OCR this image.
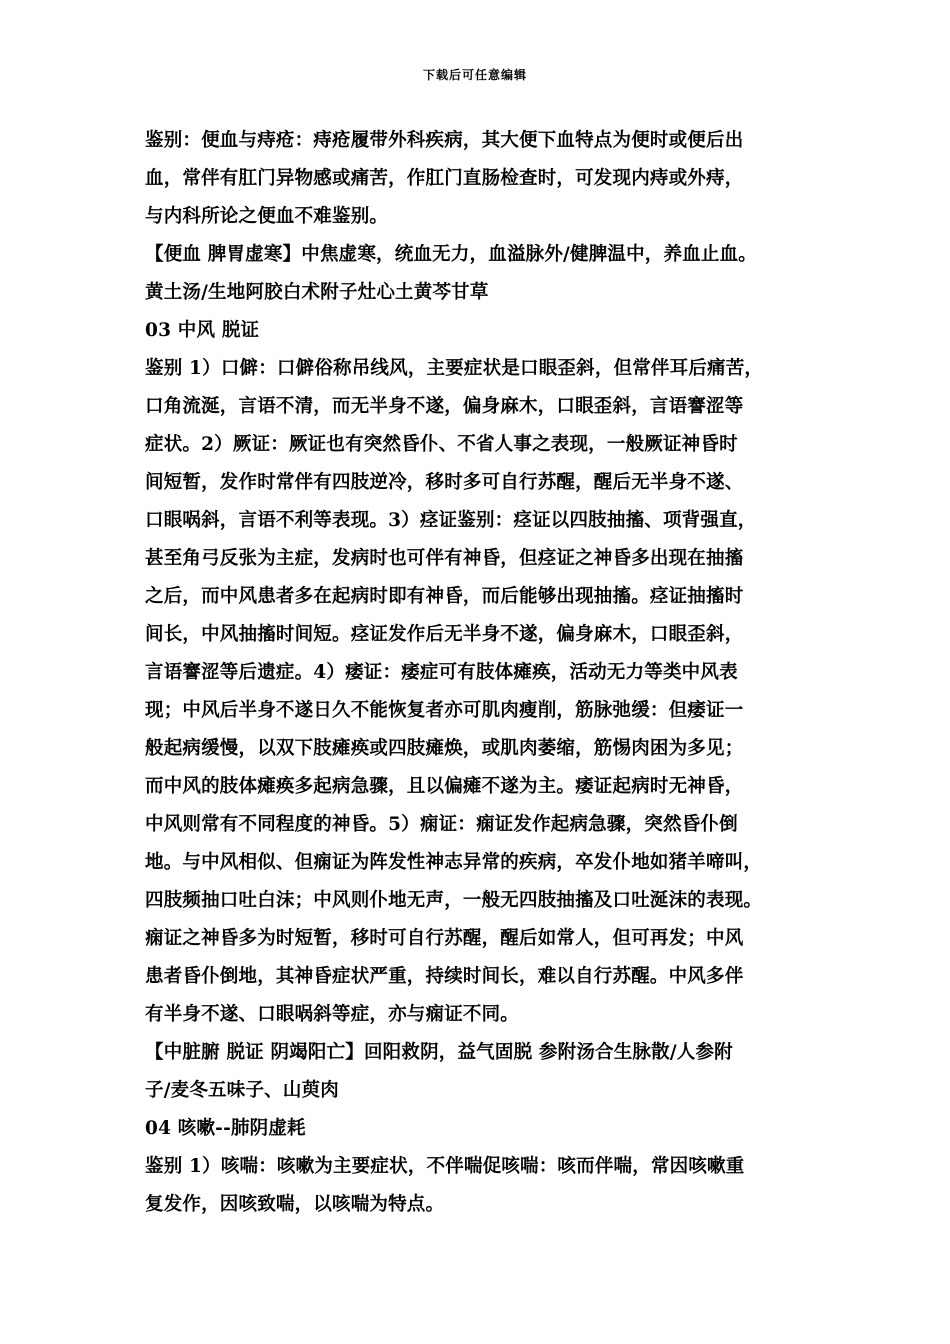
下载后可任意编辑
鉴别：便血与痔疮：痔疮履带外科疾病，其大便下血特点为便时或便后出
血，常伴有肛门异物感或痛苦，作肛门直肠检查时，可发现内痔或外痔，
与内科所论之便血不难鉴别。
【便血 脾胃虚寒】中焦虚寒，统血无力，血溢脉外/健脾温中，养血止血。
黄土汤/生地阿胶白术附子灶心土黄芩甘草
03 中风 脱证
鉴别 1）口僻：口僻俗称吊线风，主要症状是口眼歪斜，但常伴耳后痛苦，
口角流涎，言语不清，而无半身不遂，偏身麻木，口眼歪斜，言语謇涩等
症状。2）厥证：厥证也有突然昏仆、不省人事之表现，一般厥证神昏时
间短暂，发作时常伴有四肢逆冷，移时多可自行苏醒，醒后无半身不遂、
口眼㖞斜，言语不利等表现。3）痉证鉴别：痉证以四肢抽搐、项背强直，
甚至角弓反张为主症，发病时也可伴有神昏，但痉证之神昏多出现在抽搐
之后，而中风患者多在起病时即有神昏，而后能够出现抽搐。痉证抽搐时
间长，中风抽搐时间短。痉证发作后无半身不遂，偏身麻木，口眼歪斜，
言语謇涩等后遗症。4）痿证：痿症可有肢体瘫痪，活动无力等类中风表
现；中风后半身不遂日久不能恢复者亦可肌肉瘦削，筋脉弛缓：但痿证一
般起病缓慢，以双下肢瘫痪或四肢瘫焕，或肌肉萎缩，筋惕肉困为多见；
而中风的肢体瘫痪多起病急骤，且以偏瘫不遂为主。痿证起病时无神昏，
中风则常有不同程度的神昏。5）痫证：痫证发作起病急骤，突然昏仆倒
地。与中风相似、但痫证为阵发性神志异常的疾病，卒发仆地如猪羊啼叫，
四肢频抽口吐白沫；中风则仆地无声，一般无四肢抽搐及口吐涎沫的表现。
痫证之神昏多为时短暂，移时可自行苏醒，醒后如常人，但可再发；中风
患者昏仆倒地，其神昏症状严重，持续时间长，难以自行苏醒。中风多伴
有半身不遂、口眼㖞斜等症，亦与痫证不同。
【中脏腑 脱证 阴竭阳亡】回阳救阴，益气固脱 参附汤合生脉散/人参附
子/麦冬五味子、山萸肉
04 咳嗽--肺阴虚耗
鉴别 1）咳喘：咳嗽为主要症状，不伴喘促咳喘：咳而伴喘，常因咳嗽重
复发作，因咳致喘，以咳喘为特点。
